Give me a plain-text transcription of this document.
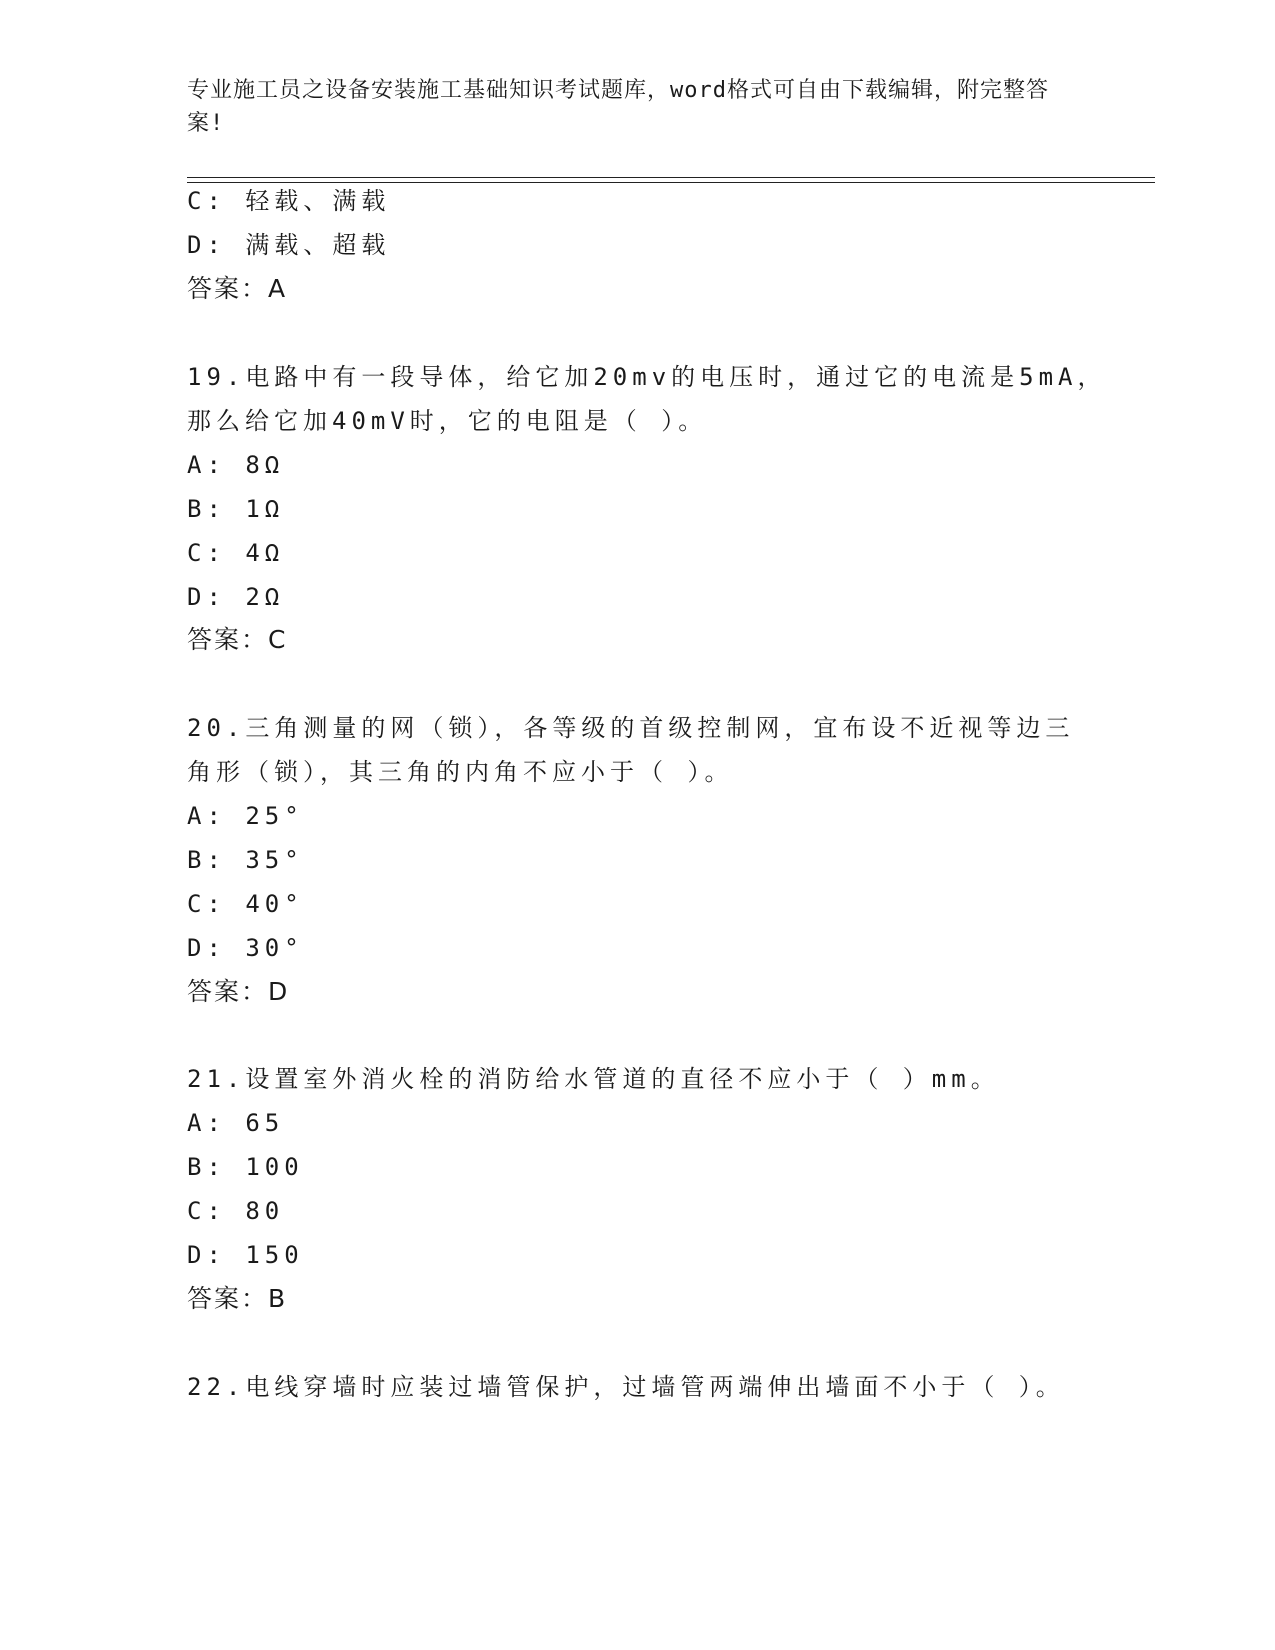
专业施工员之设备安装施工基础知识考试题库，word格式可自由下载编辑，附完整答案!
C: 轻载、满载
D: 满载、超载
答案：A
19.电路中有一段导体，给它加20mv的电压时，通过它的电流是5mA，
那么给它加40mV时，它的电阻是（ ）。
A: 8Ω
B: 1Ω
C: 4Ω
D: 2Ω
答案：C
20.三角测量的网（锁），各等级的首级控制网，宜布设不近视等边三
角形（锁），其三角的内角不应小于（ ）。
A: 25°
B: 35°
C: 40°
D: 30°
答案：D
21.设置室外消火栓的消防给水管道的直径不应小于（ ）mm。
A: 65
B: 100
C: 80
D: 150
答案：B
22.电线穿墙时应装过墙管保护，过墙管两端伸出墙面不小于（ ）。
